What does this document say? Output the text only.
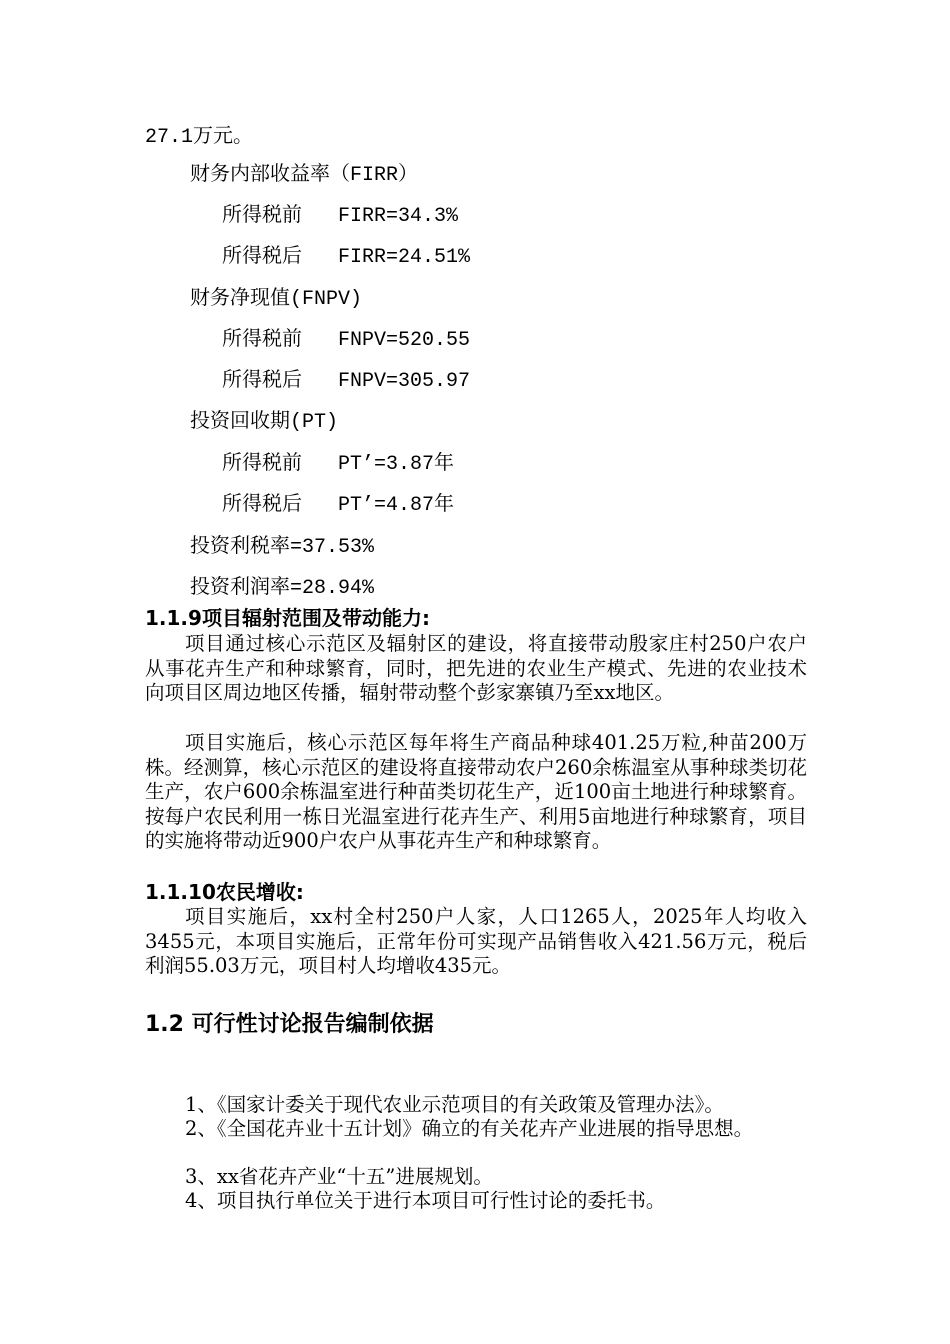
27.1万元。
财务内部收益率（FIRR）
所得税前   FIRR=34.3%
所得税后   FIRR=24.51%
财务净现值(FNPV)
所得税前   FNPV=520.55
所得税后   FNPV=305.97
投资回收期(PT)
所得税前   PT’=3.87年
所得税后   PT’=4.87年
投资利税率=37.53%
投资利润率=28.94%
1.1.9项目辐射范围及带动能力:
项目通过核心示范区及辐射区的建设，将直接带动殷家庄村250户农户从事花卉生产和种球繁育，同时，把先进的农业生产模式、先进的农业技术向项目区周边地区传播，辐射带动整个彭家寨镇乃至xx地区。
项目实施后，核心示范区每年将生产商品种球401.25万粒,种苗200万株。经测算，核心示范区的建设将直接带动农户260余栋温室从事种球类切花生产，农户600余栋温室进行种苗类切花生产，近100亩土地进行种球繁育。按每户农民利用一栋日光温室进行花卉生产、利用5亩地进行种球繁育，项目的实施将带动近900户农户从事花卉生产和种球繁育。
1.1.10农民增收:
项目实施后，xx村全村250户人家，人口1265人，2025年人均收入3455元，本项目实施后，正常年份可实现产品销售收入421.56万元，税后利润55.03万元，项目村人均增收435元。
1.2 可行性讨论报告编制依据
1、《国家计委关于现代农业示范项目的有关政策及管理办法》。
2、《全国花卉业十五计划》确立的有关花卉产业进展的指导思想。
3、xx省花卉产业“十五”进展规划。
4、项目执行单位关于进行本项目可行性讨论的委托书。
